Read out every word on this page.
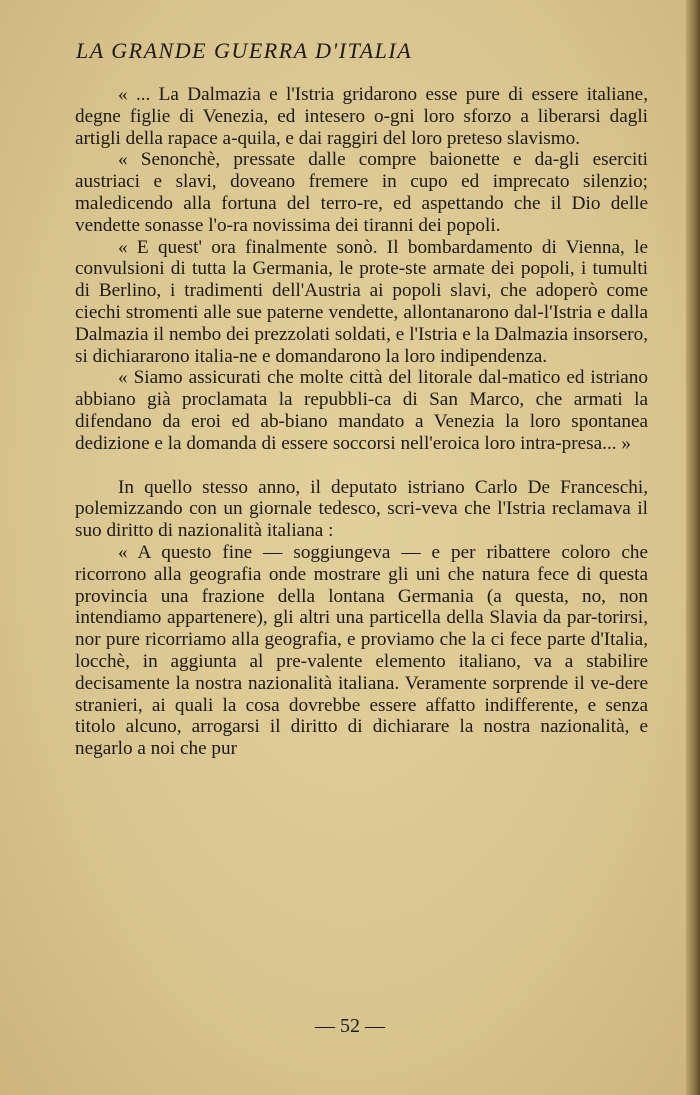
LA GRANDE GUERRA D'ITALIA

« ... La Dalmazia e l'Istria gridarono esse pure di essere italiane, degne figlie di Venezia, ed intesero o-gni loro sforzo a liberarsi dagli artigli della rapace a-quila, e dai raggiri del loro preteso slavismo.

« Senonchè, pressate dalle compre baionette e da-gli eserciti austriaci e slavi, doveano fremere in cupo ed imprecato silenzio; maledicendo alla fortuna del terro-re, ed aspettando che il Dio delle vendette sonasse l'o-ra novissima dei tiranni dei popoli.

« E quest' ora finalmente sonò. Il bombardamento di Vienna, le convulsioni di tutta la Germania, le prote-ste armate dei popoli, i tumulti di Berlino, i tradimenti dell'Austria ai popoli slavi, che adoperò come ciechi stromenti alle sue paterne vendette, allontanarono dal-l'Istria e dalla Dalmazia il nembo dei prezzolati soldati, e l'Istria e la Dalmazia insorsero, si dichiararono italia-ne e domandarono la loro indipendenza.

« Siamo assicurati che molte città del litorale dal-matico ed istriano abbiano già proclamata la repubbli-ca di San Marco, che armati la difendano da eroi ed ab-biano mandato a Venezia la loro spontanea dedizione e la domanda di essere soccorsi nell'eroica loro intra-presa... »

In quello stesso anno, il deputato istriano Carlo De Franceschi, polemizzando con un giornale tedesco, scri-veva che l'Istria reclamava il suo diritto di nazionalità italiana :

« A questo fine — soggiungeva — e per ribattere coloro che ricorrono alla geografia onde mostrare gli uni che natura fece di questa provincia una frazione della lontana Germania (a questa, no, non intendiamo appartenere), gli altri una particella della Slavia da par-torirsi, nor pure ricorriamo alla geografia, e proviamo che la ci fece parte d'Italia, locchè, in aggiunta al pre-valente elemento italiano, va a stabilire decisamente la nostra nazionalità italiana. Veramente sorprende il ve-dere stranieri, ai quali la cosa dovrebbe essere affatto indifferente, e senza titolo alcuno, arrogarsi il diritto di dichiarare la nostra nazionalità, e negarlo a noi che pur

— 52 —
